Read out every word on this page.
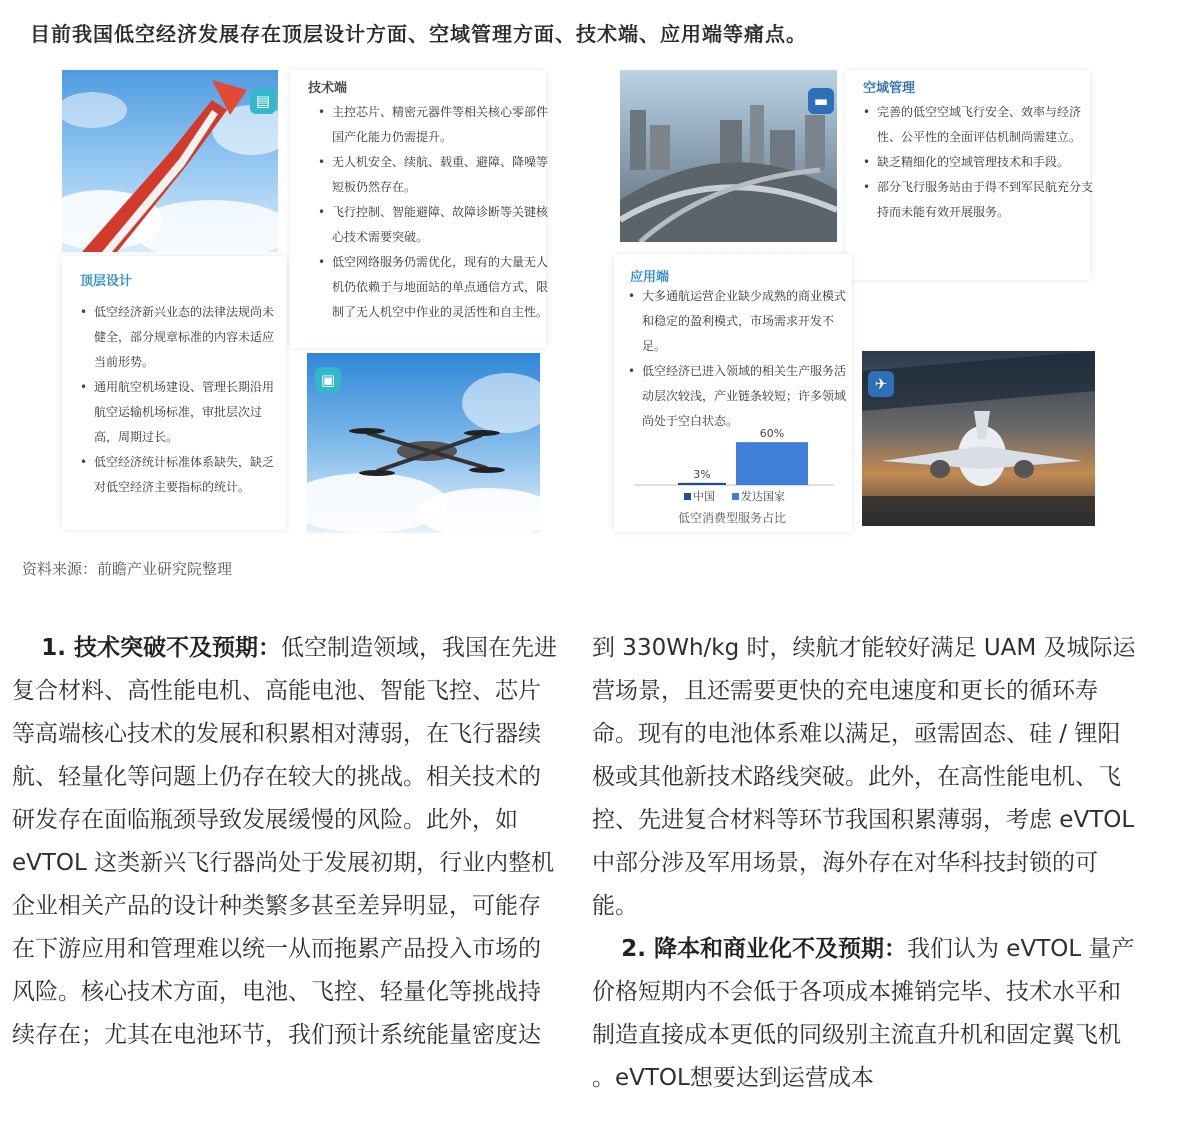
目前我国低空经济发展存在顶层设计方面、空域管理方面、技术端、应用端等痛点。
▤
技术端
• 主控芯片、精密元器件等相关核心零部件国产化能力仍需提升。
• 无人机安全、续航、载重、避障、降噪等短板仍然存在。
• 飞行控制、智能避障、故障诊断等关键核心技术需要突破。
• 低空网络服务仍需优化，现有的大量无人机仍依赖于与地面站的单点通信方式，限制了无人机空中作业的灵活性和自主性。
顶层设计
• 低空经济新兴业态的法律法规尚未健全，部分规章标准的内容未适应当前形势。
• 通用航空机场建设、管理长期沿用航空运输机场标准，审批层次过高，周期过长。
• 低空经济统计标准体系缺失，缺乏对低空经济主要指标的统计。
▣
▬
空域管理
• 完善的低空空域飞行安全、效率与经济性、公平性的全面评估机制尚需建立。
• 缺乏精细化的空域管理技术和手段。
• 部分飞行服务站由于得不到军民航充分支持而未能有效开展服务。
应用端
• 大多通航运营企业缺少成熟的商业模式和稳定的盈利模式，市场需求开发不足。
• 低空经济已进入领域的相关生产服务活动层次较浅，产业链条较短；许多领域尚处于空白状态。
低空消费型服务占比
3%
60%
中国 发达国家
✈
资料来源：前瞻产业研究院整理
1. 技术突破不及预期：低空制造领域，我国在先进复合材料、高性能电机、高能电池、智能飞控、芯片等高端核心技术的发展和积累相对薄弱，在飞行器续航、轻量化等问题上仍存在较大的挑战。相关技术的研发存在面临瓶颈导致发展缓慢的风险。此外，如 eVTOL 这类新兴飞行器尚处于发展初期，行业内整机企业相关产品的设计种类繁多甚至差异明显，可能存在下游应用和管理难以统一从而拖累产品投入市场的风险。核心技术方面，电池、飞控、轻量化等挑战持续存在；尤其在电池环节，我们预计系统能量密度达
到 330Wh/kg 时，续航才能较好满足 UAM 及城际运营场景，且还需要更快的充电速度和更长的循环寿命。现有的电池体系难以满足，亟需固态、硅 / 锂阳极或其他新技术路线突破。此外，在高性能电机、飞控、先进复合材料等环节我国积累薄弱，考虑 eVTOL 中部分涉及军用场景，海外存在对华科技封锁的可能。
2. 降本和商业化不及预期：我们认为 eVTOL 量产价格短期内不会低于各项成本摊销完毕、技术水平和制造直接成本更低的同级别主流直升机和固定翼飞机 。eVTOL想要达到运营成本
